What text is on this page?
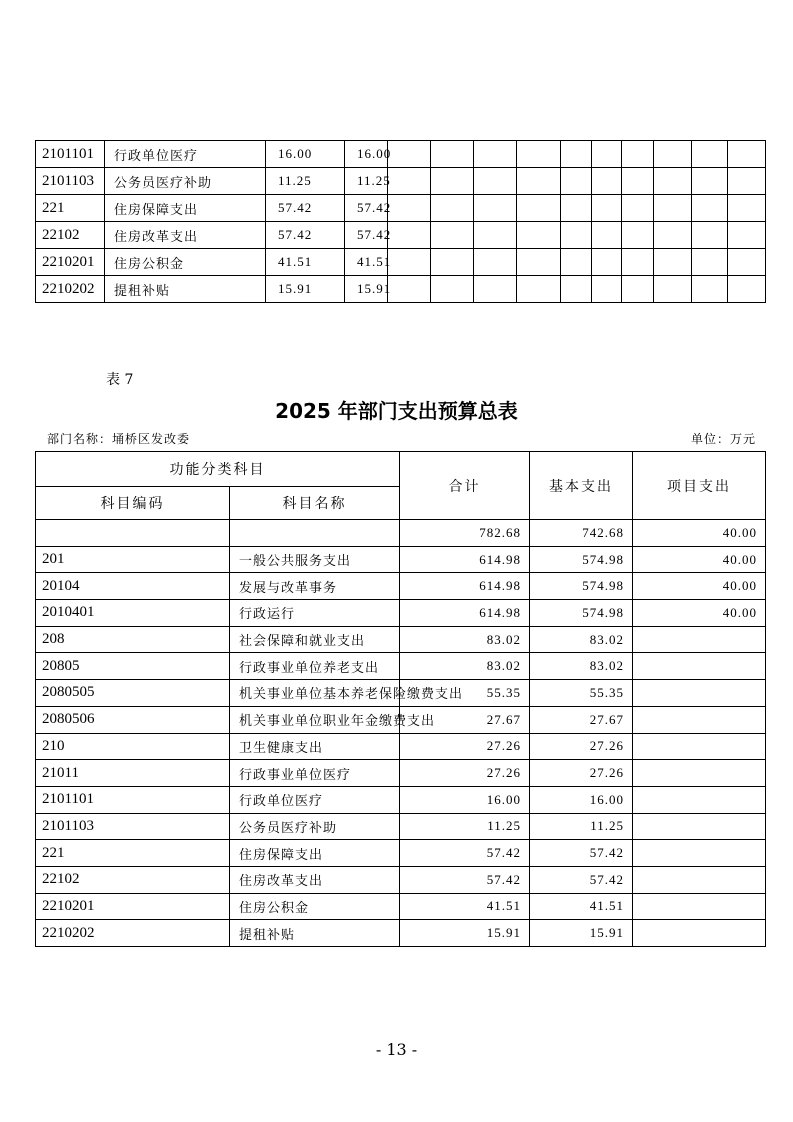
2101101	行政单位医疗	16.00	16.00										
2101103	公务员医疗补助	11.25	11.25										
221	住房保障支出	57.42	57.42										
22102	住房改革支出	57.42	57.42										
2210201	住房公积金	41.51	41.51										
2210202	提租补贴	15.91	15.91										
表 7
2025 年部门支出预算总表
部门名称：埇桥区发改委	单位：万元
功能分类科目		合计	基本支出	项目支出
科目编码	科目名称			
		782.68	742.68	40.00
201	一般公共服务支出	614.98	574.98	40.00
20104	发展与改革事务	614.98	574.98	40.00
2010401	行政运行	614.98	574.98	40.00
208	社会保障和就业支出	83.02	83.02	
20805	行政事业单位养老支出	83.02	83.02	
2080505	机关事业单位基本养老保险缴费支出	55.35	55.35	
2080506	机关事业单位职业年金缴费支出	27.67	27.67	
210	卫生健康支出	27.26	27.26	
21011	行政事业单位医疗	27.26	27.26	
2101101	行政单位医疗	16.00	16.00	
2101103	公务员医疗补助	11.25	11.25	
221	住房保障支出	57.42	57.42	
22102	住房改革支出	57.42	57.42	
2210201	住房公积金	41.51	41.51	
2210202	提租补贴	15.91	15.91	
- 13 -
